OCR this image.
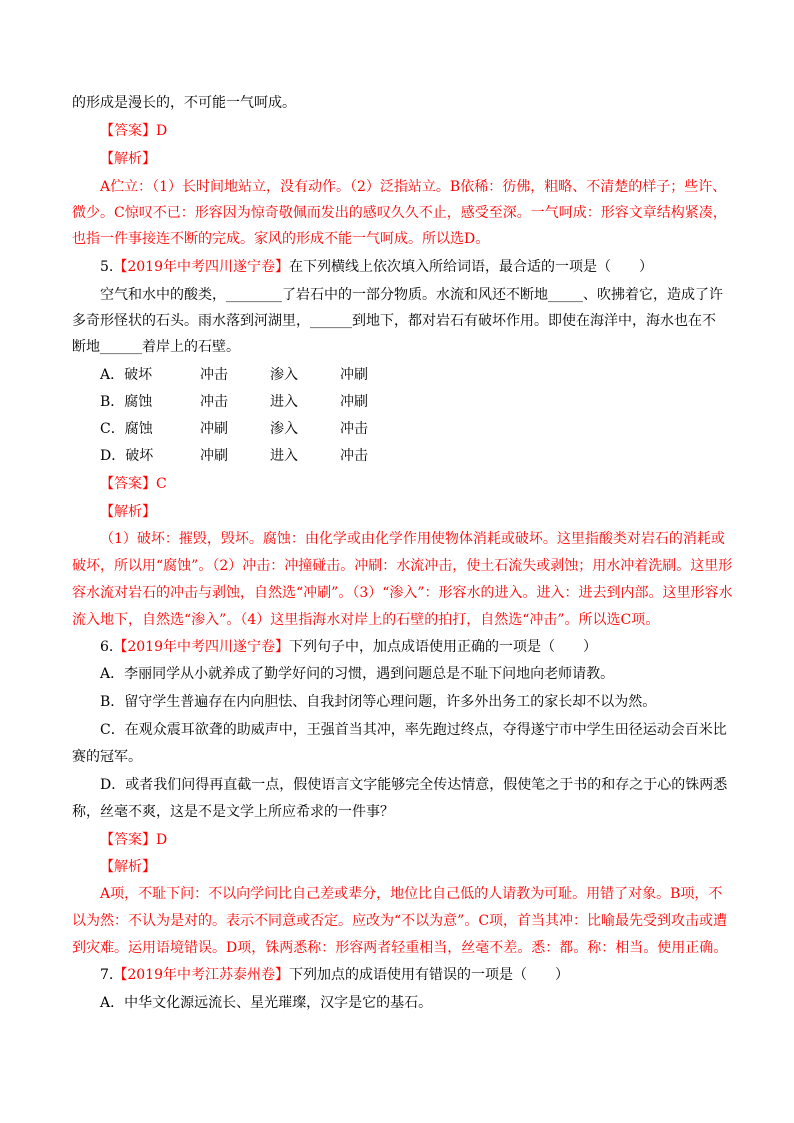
的形成是漫长的，不可能一气呵成。
【答案】D
【解析】
A伫立：（1）长时间地站立，没有动作。（2）泛指站立。B依稀：彷佛，粗略、不清楚的样子；些许、
微少。C惊叹不已：形容因为惊奇敬佩而发出的感叹久久不止，感受至深。一气呵成：形容文章结构紧凑，
也指一件事接连不断的完成。家风的形成不能一气呵成。所以选D。
5.【2019年中考四川遂宁卷】在下列横线上依次填入所给词语，最合适的一项是（　　）
空气和水中的酸类，________了岩石中的一部分物质。水流和风还不断地_____、吹拂着它，造成了许
多奇形怪状的石头。雨水落到河湖里，______到地下，都对岩石有破坏作用。即使在海洋中，海水也在不
断地______着岸上的石壁。
A．破坏	冲击	渗入	冲刷
B．腐蚀	冲击	进入	冲刷
C．腐蚀	冲刷	渗入	冲击
D．破坏	冲刷	进入	冲击
【答案】C
【解析】
（1）破坏：摧毁，毁坏。腐蚀：由化学或由化学作用使物体消耗或破坏。这里指酸类对岩石的消耗或
破坏，所以用“腐蚀”。（2）冲击：冲撞碰击。冲刷：水流冲击，使土石流失或剥蚀；用水冲着洗刷。这里形
容水流对岩石的冲击与剥蚀，自然选“冲刷”。（3）“渗入”：形容水的进入。进入：进去到内部。这里形容水
流入地下，自然选“渗入”。（4）这里指海水对岸上的石壁的拍打，自然选“冲击”。所以选C项。
6.【2019年中考四川遂宁卷】下列句子中，加点成语使用正确的一项是（　　）
A．李丽同学从小就养成了勤学好问的习惯，遇到问题总是不耻下问地向老师请教。
B．留守学生普遍存在内向胆怯、自我封闭等心理问题，许多外出务工的家长却不以为然。
C．在观众震耳欲聋的助威声中，王强首当其冲，率先跑过终点，夺得遂宁市中学生田径运动会百米比
赛的冠军。
D．或者我们问得再直截一点，假使语言文字能够完全传达情意，假使笔之于书的和存之于心的铢两悉
称，丝毫不爽，这是不是文学上所应希求的一件事？
【答案】D
【解析】
A项，不耻下问：不以向学问比自己差或辈分，地位比自己低的人请教为可耻。用错了对象。B项，不
以为然：不认为是对的。表示不同意或否定。应改为“不以为意”。C项，首当其冲：比喻最先受到攻击或遭
到灾难。运用语境错误。D项，铢两悉称：形容两者轻重相当，丝毫不差。悉：都。称：相当。使用正确。
7.【2019年中考江苏泰州卷】下列加点的成语使用有错误的一项是（　　）
A．中华文化源远流长、星光璀璨，汉字是它的基石。
